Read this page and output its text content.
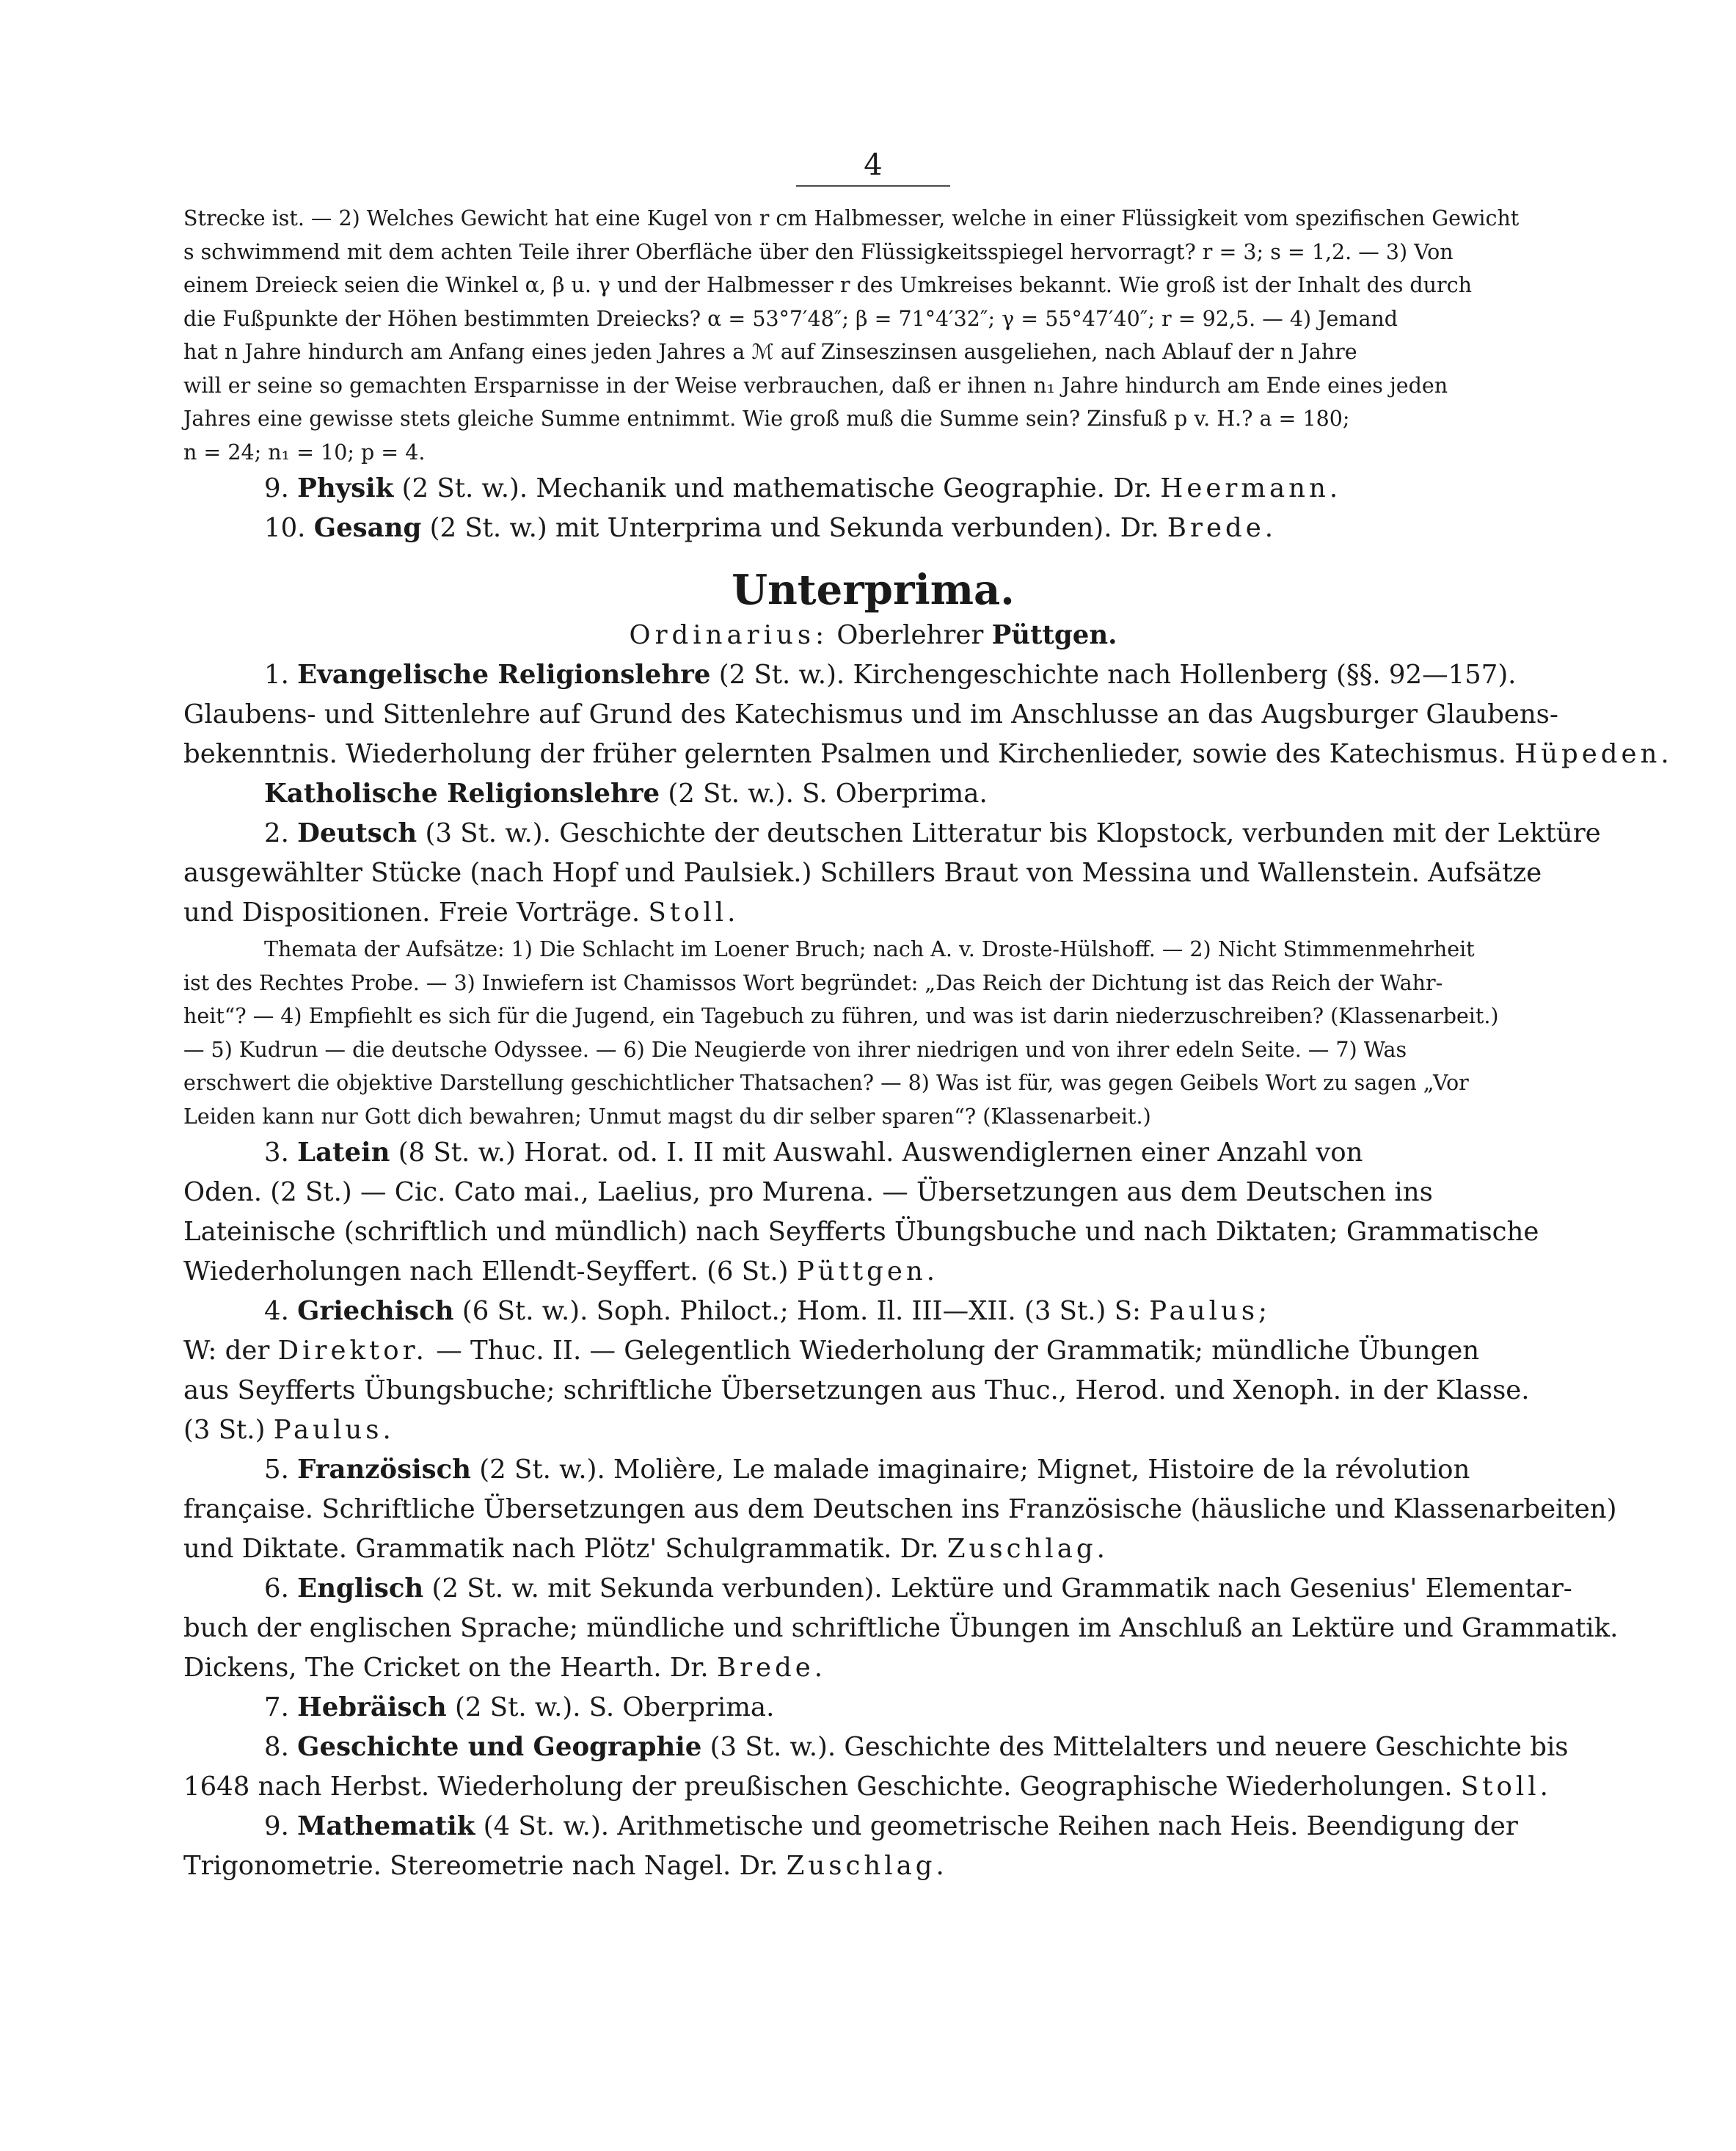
4
Strecke ist. — 2) Welches Gewicht hat eine Kugel von r cm Halbmesser, welche in einer Flüssigkeit vom spezifischen Gewicht
s schwimmend mit dem achten Teile ihrer Oberfläche über den Flüssigkeitsspiegel hervorragt? r = 3; s = 1,2. — 3) Von
einem Dreieck seien die Winkel α, β u. γ und der Halbmesser r des Umkreises bekannt. Wie groß ist der Inhalt des durch
die Fußpunkte der Höhen bestimmten Dreiecks? α = 53°7′48″; β = 71°4′32″; γ = 55°47′40″; r = 92,5. — 4) Jemand
hat n Jahre hindurch am Anfang eines jeden Jahres a ℳ auf Zinseszinsen ausgeliehen, nach Ablauf der n Jahre
will er seine so gemachten Ersparnisse in der Weise verbrauchen, daß er ihnen n₁ Jahre hindurch am Ende eines jeden
Jahres eine gewisse stets gleiche Summe entnimmt. Wie groß muß die Summe sein? Zinsfuß p v. H.? a = 180;
n = 24; n₁ = 10; p = 4.
9. Physik (2 St. w.). Mechanik und mathematische Geographie. Dr. Heermann.
10. Gesang (2 St. w.) mit Unterprima und Sekunda verbunden). Dr. Brede.
Unterprima.
Ordinarius: Oberlehrer Püttgen.
1. Evangelische Religionslehre (2 St. w.). Kirchengeschichte nach Hollenberg (§§. 92—157).
Glaubens- und Sittenlehre auf Grund des Katechismus und im Anschlusse an das Augsburger Glaubens-
bekenntnis. Wiederholung der früher gelernten Psalmen und Kirchenlieder, sowie des Katechismus. Hüpeden.
Katholische Religionslehre (2 St. w.). S. Oberprima.
2. Deutsch (3 St. w.). Geschichte der deutschen Litteratur bis Klopstock, verbunden mit der Lektüre
ausgewählter Stücke (nach Hopf und Paulsiek.) Schillers Braut von Messina und Wallenstein. Aufsätze
und Dispositionen. Freie Vorträge. Stoll.
Themata der Aufsätze: 1) Die Schlacht im Loener Bruch; nach A. v. Droste-Hülshoff. — 2) Nicht Stimmenmehrheit
ist des Rechtes Probe. — 3) Inwiefern ist Chamissos Wort begründet: „Das Reich der Dichtung ist das Reich der Wahr-
heit“? — 4) Empfiehlt es sich für die Jugend, ein Tagebuch zu führen, und was ist darin niederzuschreiben? (Klassenarbeit.)
— 5) Kudrun — die deutsche Odyssee. — 6) Die Neugierde von ihrer niedrigen und von ihrer edeln Seite. — 7) Was
erschwert die objektive Darstellung geschichtlicher Thatsachen? — 8) Was ist für, was gegen Geibels Wort zu sagen „Vor
Leiden kann nur Gott dich bewahren; Unmut magst du dir selber sparen“? (Klassenarbeit.)
3. Latein (8 St. w.) Horat. od. I. II mit Auswahl. Auswendiglernen einer Anzahl von
Oden. (2 St.) — Cic. Cato mai., Laelius, pro Murena. — Übersetzungen aus dem Deutschen ins
Lateinische (schriftlich und mündlich) nach Seyfferts Übungsbuche und nach Diktaten; Grammatische
Wiederholungen nach Ellendt-Seyffert. (6 St.) Püttgen.
4. Griechisch (6 St. w.). Soph. Philoct.; Hom. Il. III—XII. (3 St.) S: Paulus;
W: der Direktor. — Thuc. II. — Gelegentlich Wiederholung der Grammatik; mündliche Übungen
aus Seyfferts Übungsbuche; schriftliche Übersetzungen aus Thuc., Herod. und Xenoph. in der Klasse.
(3 St.) Paulus.
5. Französisch (2 St. w.). Molière, Le malade imaginaire; Mignet, Histoire de la révolution
française. Schriftliche Übersetzungen aus dem Deutschen ins Französische (häusliche und Klassenarbeiten)
und Diktate. Grammatik nach Plötz' Schulgrammatik. Dr. Zuschlag.
6. Englisch (2 St. w. mit Sekunda verbunden). Lektüre und Grammatik nach Gesenius' Elementar-
buch der englischen Sprache; mündliche und schriftliche Übungen im Anschluß an Lektüre und Grammatik.
Dickens, The Cricket on the Hearth. Dr. Brede.
7. Hebräisch (2 St. w.). S. Oberprima.
8. Geschichte und Geographie (3 St. w.). Geschichte des Mittelalters und neuere Geschichte bis
1648 nach Herbst. Wiederholung der preußischen Geschichte. Geographische Wiederholungen. Stoll.
9. Mathematik (4 St. w.). Arithmetische und geometrische Reihen nach Heis. Beendigung der
Trigonometrie. Stereometrie nach Nagel. Dr. Zuschlag.
